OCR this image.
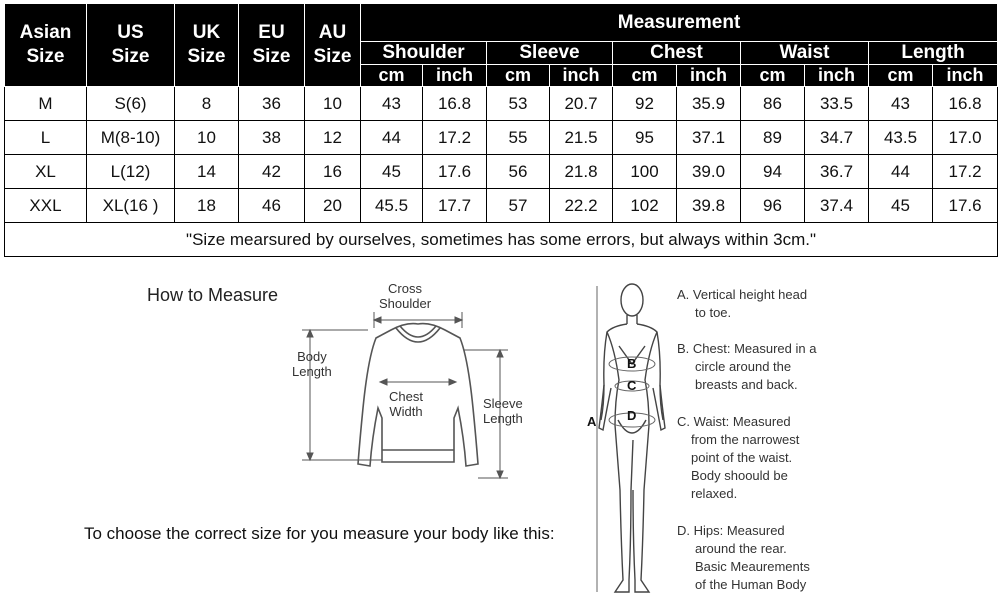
Asian Size	US Size	UK Size	EU Size	AU Size	Measurement									
					Shoulder		Sleeve		Chest		Waist		Length	
					cm	inch	cm	inch	cm	inch	cm	inch	cm	inch
M	S(6)	8	36	10	43	16.8	53	20.7	92	35.9	86	33.5	43	16.8
L	M(8-10)	10	38	12	44	17.2	55	21.5	95	37.1	89	34.7	43.5	17.0
XL	L(12)	14	42	16	45	17.6	56	21.8	100	39.0	94	36.7	44	17.2
XXL	XL(16 )	18	46	20	45.5	17.7	57	22.2	102	39.8	96	37.4	45	17.6
"Size mearsured by ourselves, sometimes has some errors, but always within 3cm."														
How to Measure	Cross
Shoulder
Body
Length
Chest
Width
Sleeve
Length
To choose the correct size for you measure your body like this:
A
B
C
D
A. Vertical height head
to toe.
B. Chest: Measured in a
circle around the
breasts and back.
C. Waist: Measured
from the narrowest
point of the waist.
Body shoould be
relaxed.
D. Hips: Measured
around the rear.
Basic Meaurements
of the Human Body
